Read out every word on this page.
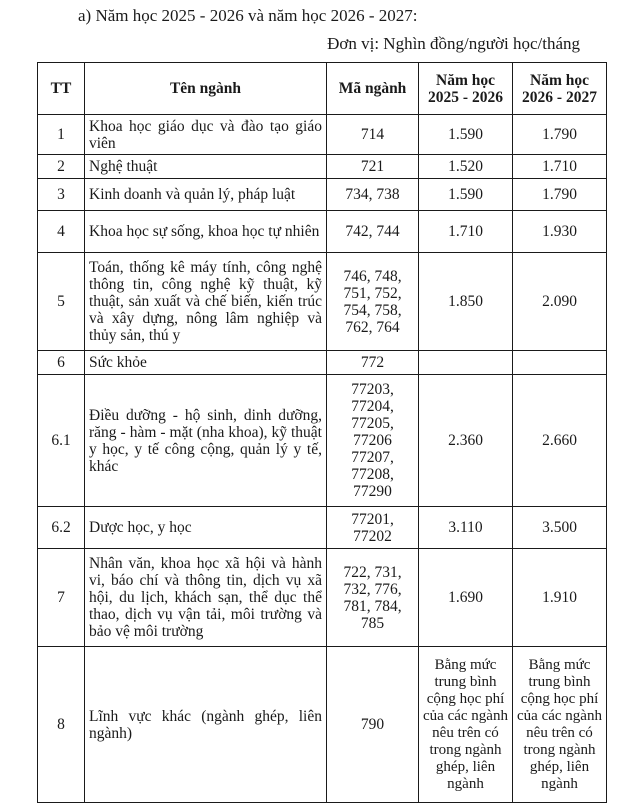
a) Năm học 2025 - 2026 và năm học 2026 - 2027:
Đơn vị: Nghìn đồng/người học/tháng
TT	Tên ngành	Mã ngành	Năm học 2025 - 2026	Năm học 2026 - 2027
1	Khoa học giáo dục và đào tạo giáo viên	714	1.590	1.790
2	Nghệ thuật	721	1.520	1.710
3	Kinh doanh và quản lý, pháp luật	734, 738	1.590	1.790
4	Khoa học sự sống, khoa học tự nhiên	742, 744	1.710	1.930
5	Toán, thống kê máy tính, công nghệ thông tin, công nghệ kỹ thuật, kỹ thuật, sản xuất và chế biến, kiến trúc và xây dựng, nông lâm nghiệp và thủy sản, thú y	746, 748, 751, 752, 754, 758, 762, 764	1.850	2.090
6	Sức khỏe	772		
6.1	Điều dưỡng - hộ sinh, dinh dưỡng, răng - hàm - mặt (nha khoa), kỹ thuật y học, y tế công cộng, quản lý y tế, khác	77203, 77204, 77205, 77206 77207, 77208, 77290	2.360	2.660
6.2	Dược học, y học	77201, 77202	3.110	3.500
7	Nhân văn, khoa học xã hội và hành vi, báo chí và thông tin, dịch vụ xã hội, du lịch, khách sạn, thể dục thể thao, dịch vụ vận tải, môi trường và bảo vệ môi trường	722, 731, 732, 776, 781, 784, 785	1.690	1.910
8	Lĩnh vực khác (ngành ghép, liên ngành)	790	Bằng mức trung bình cộng học phí của các ngành nêu trên có trong ngành ghép, liên ngành	Bằng mức trung bình cộng học phí của các ngành nêu trên có trong ngành ghép, liên ngành
